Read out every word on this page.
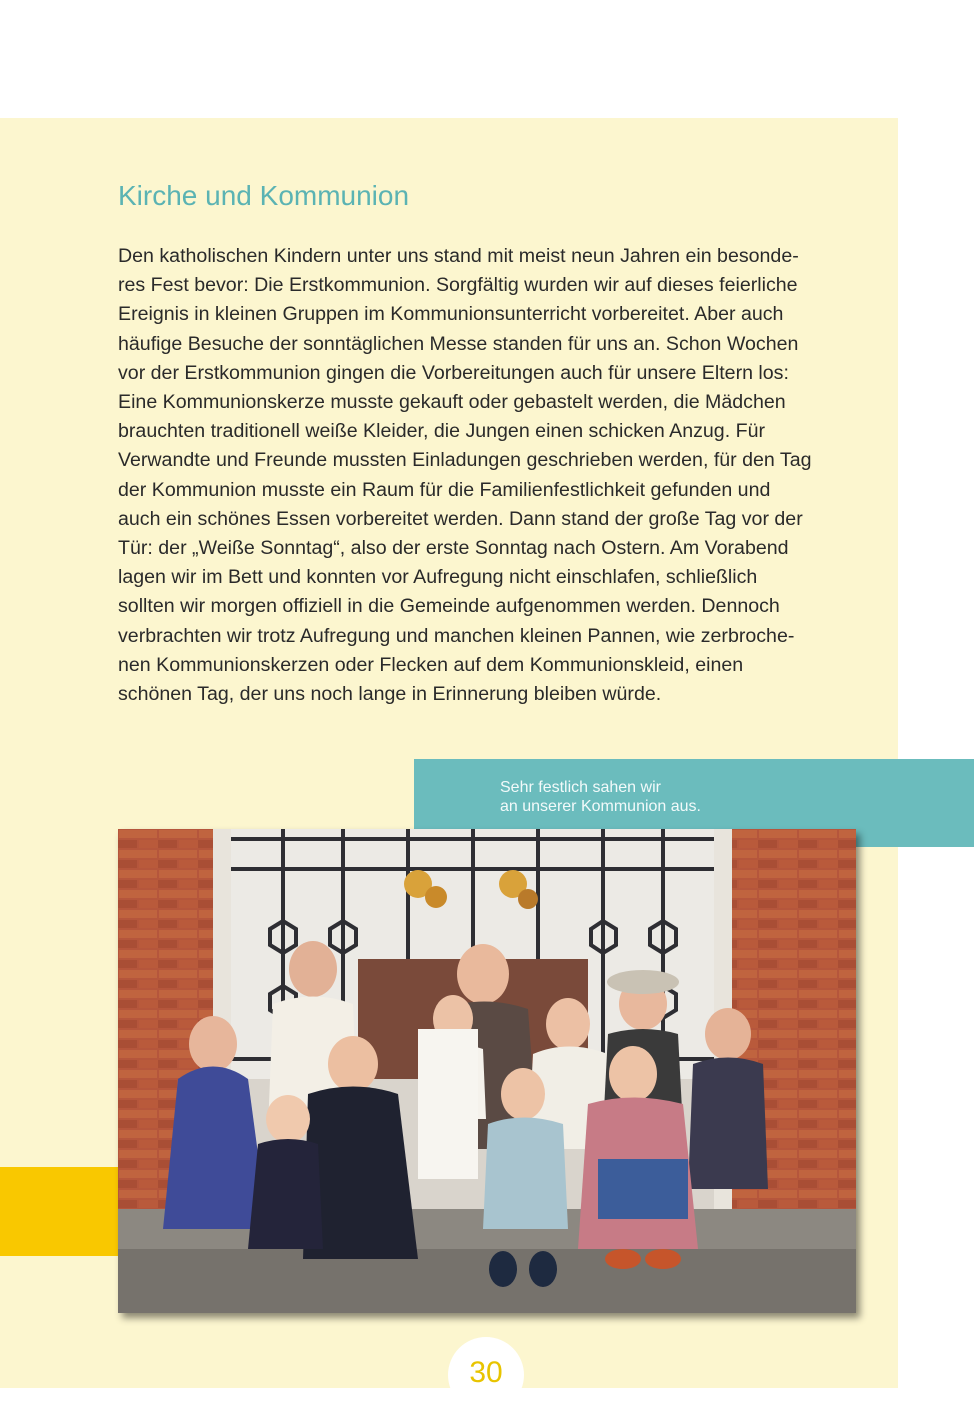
Kirche und Kommunion
Den katholischen Kindern unter uns stand mit meist neun Jahren ein besonde-
res Fest bevor: Die Erstkommunion. Sorgfältig wurden wir auf dieses feierliche
Ereignis in kleinen Gruppen im Kommunionsunterricht vorbereitet. Aber auch
häufige Besuche der sonntäglichen Messe standen für uns an. Schon Wochen
vor der Erstkommunion gingen die Vorbereitungen auch für unsere Eltern los:
Eine Kommunionskerze musste gekauft oder gebastelt werden, die Mädchen
brauchten traditionell weiße Kleider, die Jungen einen schicken Anzug. Für
Verwandte und Freunde mussten Einladungen geschrieben werden, für den Tag
der Kommunion musste ein Raum für die Familienfestlichkeit gefunden und
auch ein schönes Essen vorbereitet werden. Dann stand der große Tag vor der
Tür: der „Weiße Sonntag“, also der erste Sonntag nach Ostern. Am Vorabend
lagen wir im Bett und konnten vor Aufregung nicht einschlafen, schließlich
sollten wir morgen offiziell in die Gemeinde aufgenommen werden. Dennoch
verbrachten wir trotz Aufregung und manchen kleinen Pannen, wie zerbroche-
nen Kommunionskerzen oder Flecken auf dem Kommunionskleid, einen
schönen Tag, der uns noch lange in Erinnerung bleiben würde.
Sehr festlich sahen wir
an unserer Kommunion aus.
30
